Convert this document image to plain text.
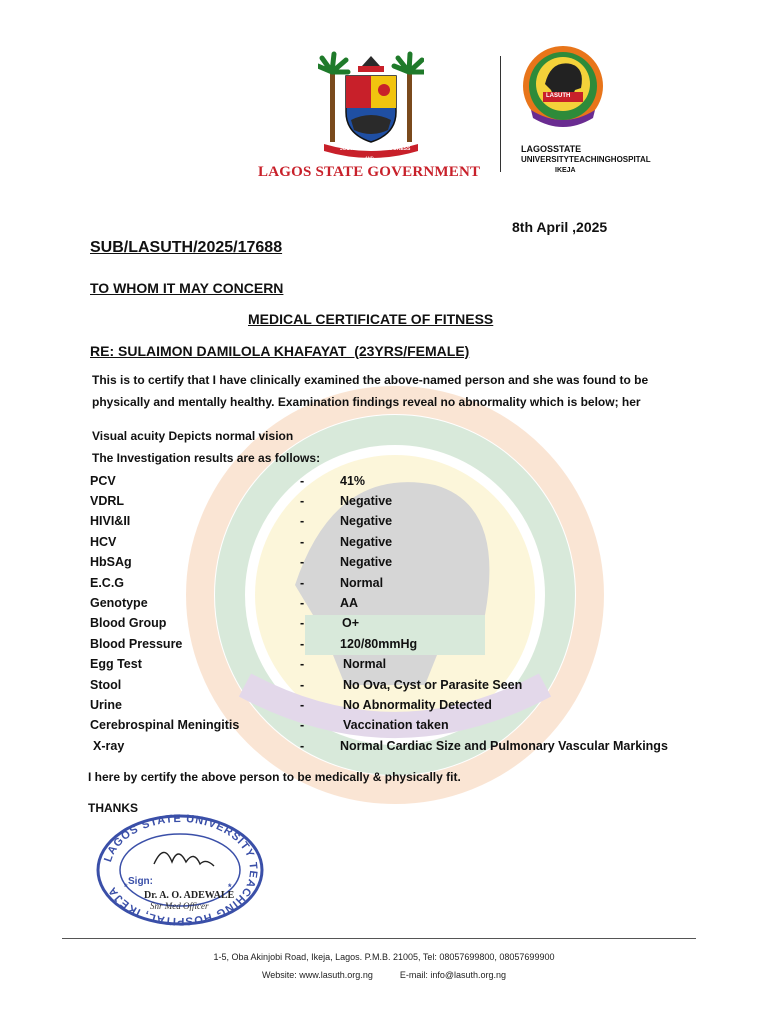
JUSTICE
AND
PROGRESS
LAGOS STATE GOVERNMENT
LASUTH
LAGOSSTATE
UNIVERSITYTEACHINGHOSPITAL
IKEJA
8th April ,2025
SUB/LASUTH/2025/17688
TO WHOM IT MAY CONCERN
MEDICAL CERTIFICATE OF FITNESS
RE: SULAIMON DAMILOLA KHAFAYAT  (23YRS/FEMALE)
This is to certify that I have clinically examined the above-named person and she was found to be
physically and mentally healthy. Examination findings reveal no abnormality which is below; her
Visual acuity Depicts normal vision
The Investigation results are as follows:
PCV	-	41%
VDRL	-	Negative
HIVI&II	-	Negative
HCV	-	Negative
HbSAg	-	Negative
E.C.G	-	Normal
Genotype	-	AA
Blood Group	-	O+
Blood Pressure	-	120/80mmHg
Egg Test	-	Normal
Stool	-	No Ova, Cyst or Parasite Seen
Urine	-	No Abnormality Detected
Cerebrospinal Meningitis	-	Vaccination taken
X-ray	-	Normal Cardiac Size and Pulmonary Vascular Markings
I here by certify the above person to be medically & physically fit.
THANKS
LAGOS STATE UNIVERSITY TEACHING HOSPITAL, IKEJA *	*
Sign:
Dr. A. O. ADEWALE
Snr Med Officer
1-5, Oba Akinjobi Road, Ikeja, Lagos. P.M.B. 21005, Tel: 08057699800, 08057699900
Website: www.lasuth.org.ng	E-mail: info@lasuth.org.ng
